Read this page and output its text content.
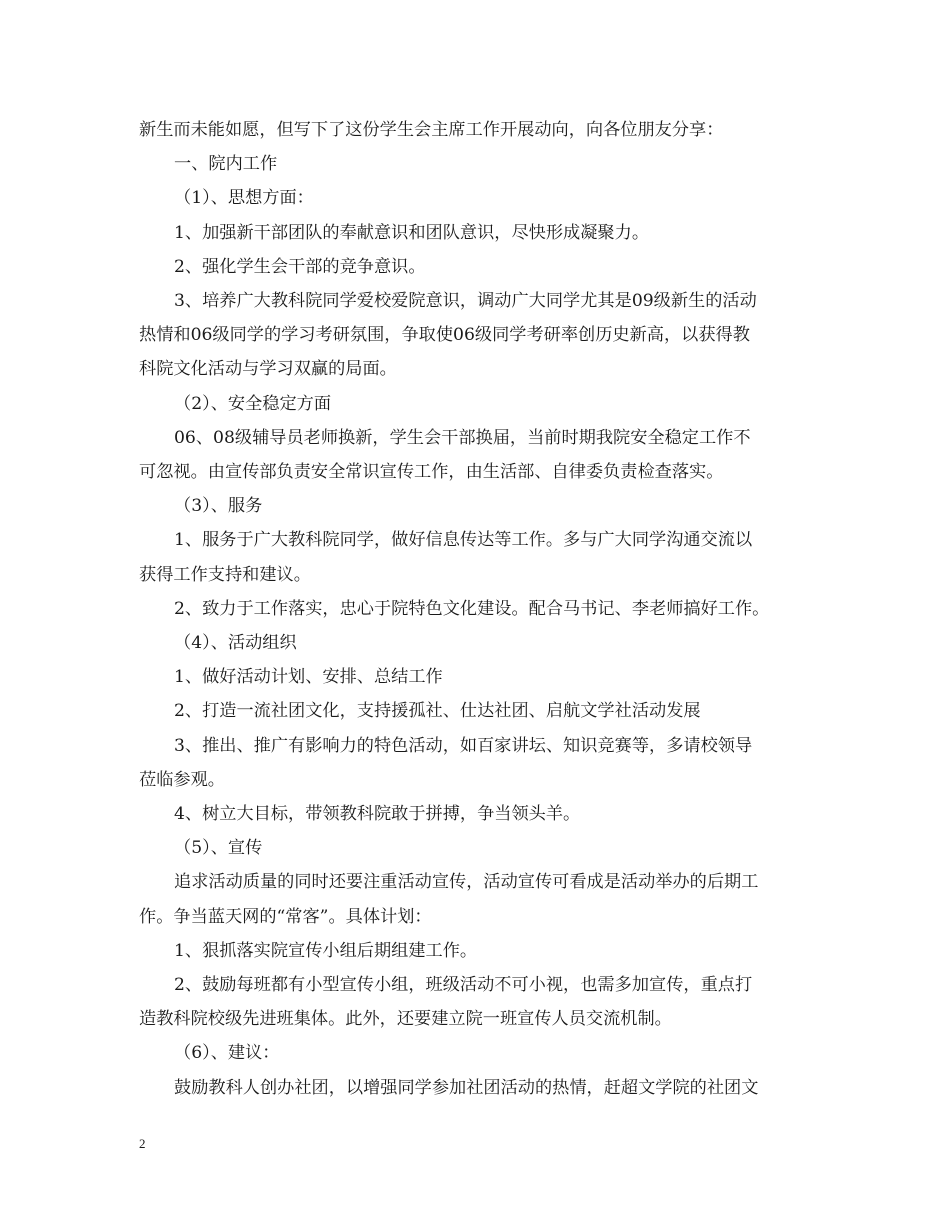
新生而未能如愿，但写下了这份学生会主席工作开展动向，向各位朋友分享：

一、院内工作

（1）、思想方面：

1、加强新干部团队的奉献意识和团队意识，尽快形成凝聚力。

2、强化学生会干部的竞争意识。

3、培养广大教科院同学爱校爱院意识，调动广大同学尤其是09级新生的活动

热情和06级同学的学习考研氛围，争取使06级同学考研率创历史新高，以获得教

科院文化活动与学习双赢的局面。

（2）、安全稳定方面

06、08级辅导员老师换新，学生会干部换届，当前时期我院安全稳定工作不

可忽视。由宣传部负责安全常识宣传工作，由生活部、自律委负责检查落实。

（3）、服务

1、服务于广大教科院同学，做好信息传达等工作。多与广大同学沟通交流以

获得工作支持和建议。

2、致力于工作落实，忠心于院特色文化建设。配合马书记、李老师搞好工作。

（4）、活动组织

1、做好活动计划、安排、总结工作

2、打造一流社团文化，支持援孤社、仕达社团、启航文学社活动发展

3、推出、推广有影响力的特色活动，如百家讲坛、知识竞赛等，多请校领导

莅临参观。

4、树立大目标，带领教科院敢于拼搏，争当领头羊。

（5）、宣传

追求活动质量的同时还要注重活动宣传，活动宣传可看成是活动举办的后期工

作。争当蓝天网的“常客”。具体计划：

1、狠抓落实院宣传小组后期组建工作。

2、鼓励每班都有小型宣传小组，班级活动不可小视，也需多加宣传，重点打

造教科院校级先进班集体。此外，还要建立院一班宣传人员交流机制。

（6）、建议：

鼓励教科人创办社团，以增强同学参加社团活动的热情，赶超文学院的社团文

2
